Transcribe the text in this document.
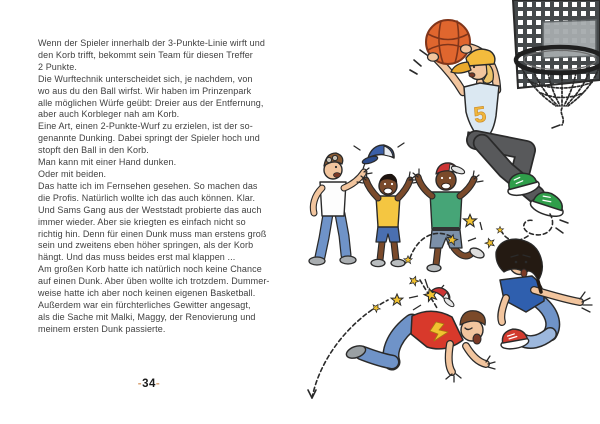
Wenn der Spieler innerhalb der 3-Punkte-Linie wirft und
den Korb trifft, bekommt sein Team für diesen Treffer
2 Punkte.
Die Wurftechnik unterscheidet sich, je nachdem, von
wo aus du den Ball wirfst. Wir haben im Prinzenpark
alle möglichen Würfe geübt: Dreier aus der Entfernung,
aber auch Korbleger nah am Korb.
Eine Art, einen 2-Punkte-Wurf zu erzielen, ist der so-
genannte Dunking. Dabei springt der Spieler hoch und
stopft den Ball in den Korb.
Man kann mit einer Hand dunken.
Oder mit beiden.
Das hatte ich im Fernsehen gesehen. So machen das
die Profis. Natürlich wollte ich das auch können. Klar.
Und Sams Gang aus der Weststadt probierte das auch
immer wieder. Aber sie kriegten es einfach nicht so
richtig hin. Denn für einen Dunk muss man erstens groß
sein und zweitens eben höher springen, als der Korb
hängt. Und das muss beides erst mal klappen ...
Am großen Korb hatte ich natürlich noch keine Chance
auf einen Dunk. Aber üben wollte ich trotzdem. Dummer-
weise hatte ich aber noch keinen eigenen Basketball.
Außerdem war ein fürchterliches Gewitter angesagt,
als die Sache mit Malki, Maggy, der Renovierung und
meinem ersten Dunk passierte.
-34-
5
